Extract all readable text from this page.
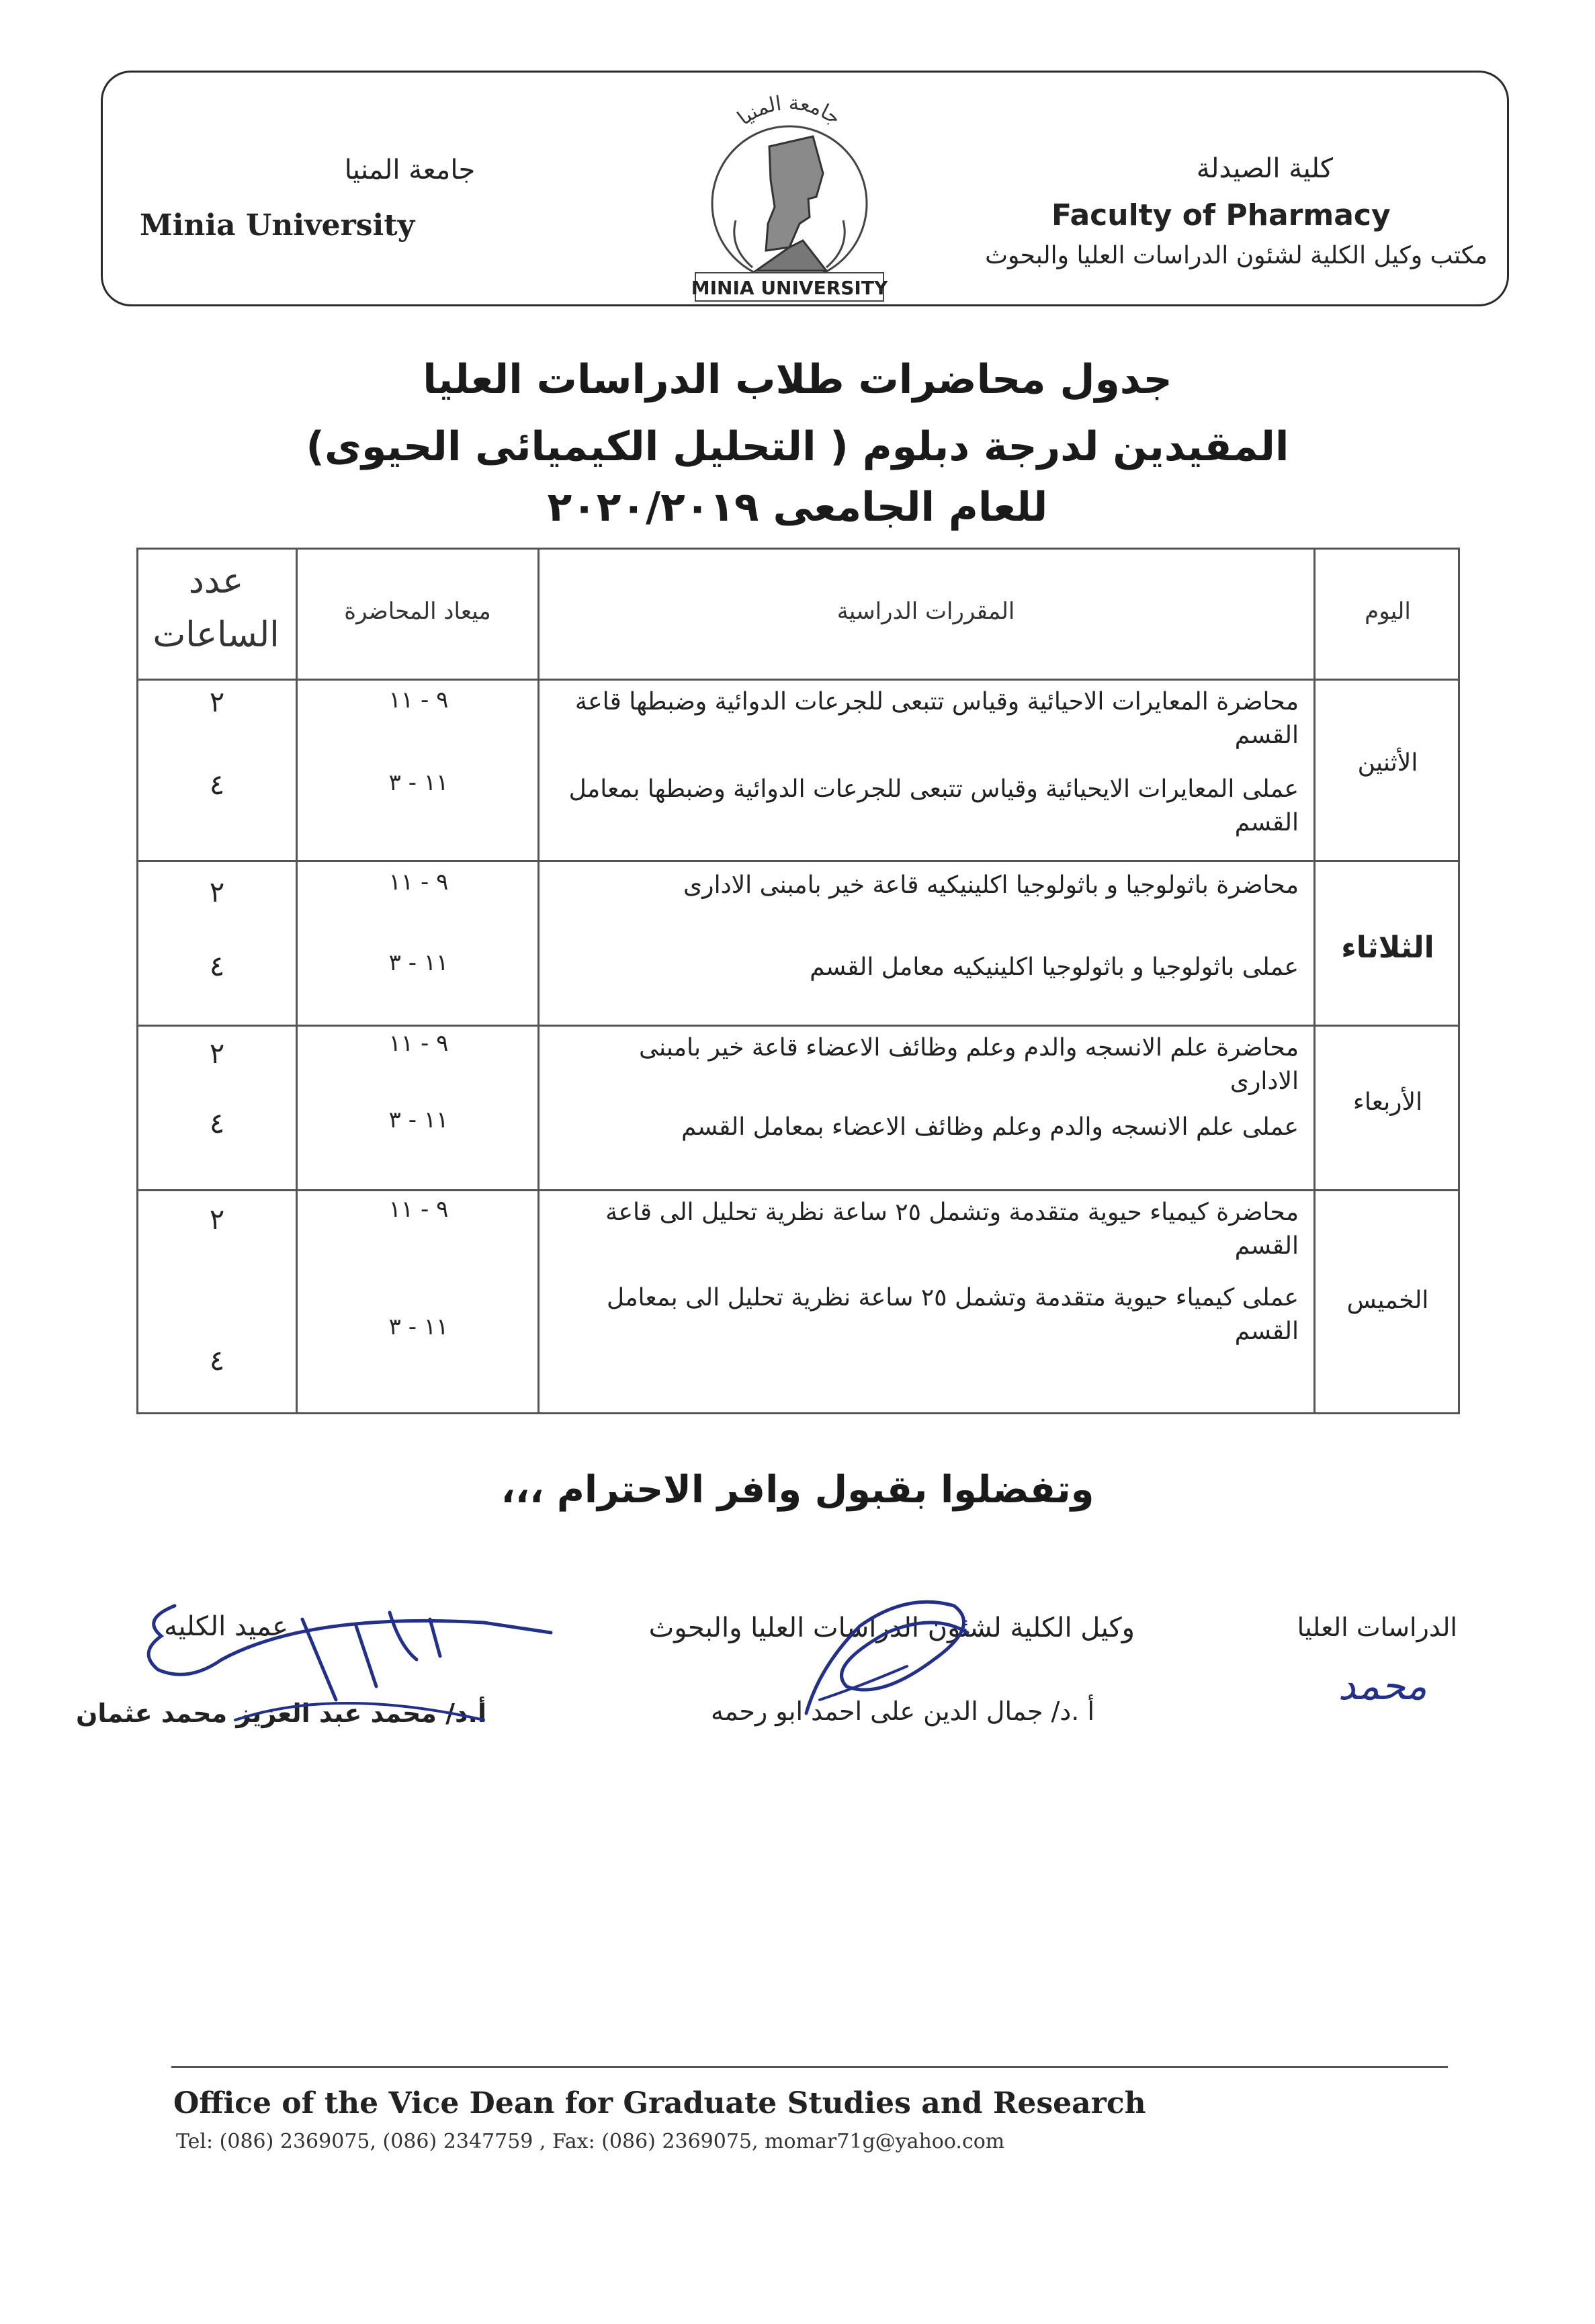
كلية الصيدلة
Faculty of Pharmacy
مكتب وكيل الكلية لشئون الدراسات العليا والبحوث
جامعة المنيا
Minia University
جامعة المنيا
MINIA UNIVERSITY
جدول محاضرات طلاب الدراسات العليا
المقيدين لدرجة دبلوم ( التحليل الكيميائى الحيوى)
للعام الجامعى ٢٠٢٠/٢٠١٩
اليوم
المقررات الدراسية
ميعاد المحاضرة
عدد
الساعات
الأثنين
محاضرة المعايرات الاحيائية وقياس تتبعى للجرعات الدوائية وضبطها قاعة القسم
عملى المعايرات الايحيائية وقياس تتبعى للجرعات الدوائية وضبطها بمعامل القسم
٩ - ١١
١١ - ٣
٢
٤
الثلاثاء
محاضرة باثولوجيا و باثولوجيا اكلينيكيه قاعة خير بامبنى الادارى
عملى باثولوجيا و باثولوجيا اكلينيكيه معامل القسم
٩ - ١١
١١ - ٣
٢
٤
الأربعاء
محاضرة علم الانسجه والدم وعلم وظائف الاعضاء قاعة خير بامبنى الادارى
عملى علم الانسجه والدم وعلم وظائف الاعضاء بمعامل القسم
٩ - ١١
١١ - ٣
٢
٤
الخميس
محاضرة كيمياء حيوية متقدمة وتشمل ٢٥ ساعة نظرية تحليل الى قاعة القسم
عملى كيمياء حيوية متقدمة وتشمل ٢٥ ساعة نظرية تحليل الى بمعامل القسم
٩ - ١١
١١ - ٣
٢
٤
وتفضلوا بقبول وافر الاحترام ،،،
الدراسات العليا
محمد
وكيل الكلية لشئون الدراسات العليا والبحوث
أ .د/ جمال الدين على احمد ابو رحمه
عميد الكليه
أ.د/ محمد عبد العزيز محمد عثمان
Office of the Vice Dean for Graduate Studies and Research
Tel: (086) 2369075, (086) 2347759 , Fax: (086) 2369075, momar71g@yahoo.com
